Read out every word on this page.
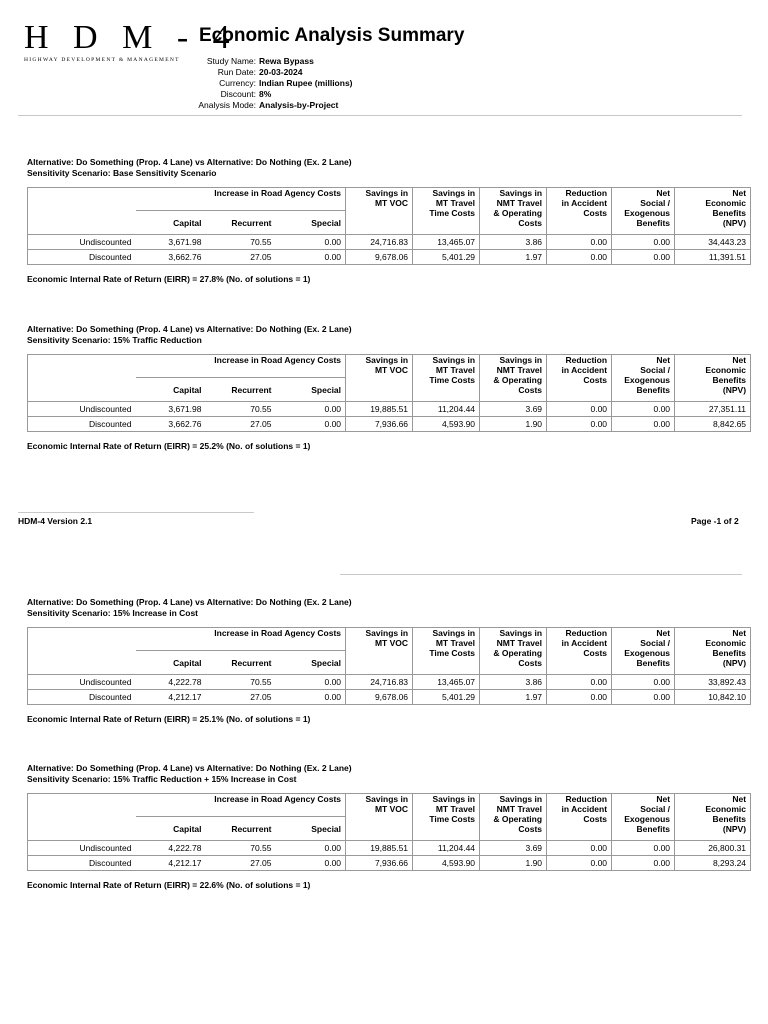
H D M - 4
HIGHWAY DEVELOPMENT & MANAGEMENT
Economic Analysis Summary
Study Name: Rewa Bypass
Run Date: 20-03-2024
Currency: Indian Rupee (millions)
Discount: 8%
Analysis Mode: Analysis-by-Project
Alternative: Do Something (Prop. 4 Lane) vs Alternative: Do Nothing (Ex. 2 Lane)
Sensitivity Scenario: Base Sensitivity Scenario
	Increase in Road Agency Costs			Savings in
MT VOC	Savings in
MT Travel
Time Costs	Savings in
NMT Travel
& Operating
Costs	Reduction
in Accident
Costs	Net
Social /
Exogenous
Benefits	Net
Economic
Benefits
(NPV)
	Capital	Recurrent	Special						
Undiscounted	3,671.98	70.55	0.00	24,716.83	13,465.07	3.86	0.00	0.00	34,443.23
Discounted	3,662.76	27.05	0.00	9,678.06	5,401.29	1.97	0.00	0.00	11,391.51
Economic Internal Rate of Return (EIRR) = 27.8% (No. of solutions = 1)
Alternative: Do Something (Prop. 4 Lane) vs Alternative: Do Nothing (Ex. 2 Lane)
Sensitivity Scenario: 15% Traffic Reduction
	Increase in Road Agency Costs			Savings in
MT VOC	Savings in
MT Travel
Time Costs	Savings in
NMT Travel
& Operating
Costs	Reduction
in Accident
Costs	Net
Social /
Exogenous
Benefits	Net
Economic
Benefits
(NPV)
	Capital	Recurrent	Special						
Undiscounted	3,671.98	70.55	0.00	19,885.51	11,204.44	3.69	0.00	0.00	27,351.11
Discounted	3,662.76	27.05	0.00	7,936.66	4,593.90	1.90	0.00	0.00	8,842.65
Economic Internal Rate of Return (EIRR) = 25.2% (No. of solutions = 1)
HDM-4 Version 2.1	Page -1 of 2
Alternative: Do Something (Prop. 4 Lane) vs Alternative: Do Nothing (Ex. 2 Lane)
Sensitivity Scenario: 15% Increase in Cost
	Increase in Road Agency Costs			Savings in
MT VOC	Savings in
MT Travel
Time Costs	Savings in
NMT Travel
& Operating
Costs	Reduction
in Accident
Costs	Net
Social /
Exogenous
Benefits	Net
Economic
Benefits
(NPV)
	Capital	Recurrent	Special						
Undiscounted	4,222.78	70.55	0.00	24,716.83	13,465.07	3.86	0.00	0.00	33,892.43
Discounted	4,212.17	27.05	0.00	9,678.06	5,401.29	1.97	0.00	0.00	10,842.10
Economic Internal Rate of Return (EIRR) = 25.1% (No. of solutions = 1)
Alternative: Do Something (Prop. 4 Lane) vs Alternative: Do Nothing (Ex. 2 Lane)
Sensitivity Scenario: 15% Traffic Reduction + 15% Increase in Cost
	Increase in Road Agency Costs			Savings in
MT VOC	Savings in
MT Travel
Time Costs	Savings in
NMT Travel
& Operating
Costs	Reduction
in Accident
Costs	Net
Social /
Exogenous
Benefits	Net
Economic
Benefits
(NPV)
	Capital	Recurrent	Special						
Undiscounted	4,222.78	70.55	0.00	19,885.51	11,204.44	3.69	0.00	0.00	26,800.31
Discounted	4,212.17	27.05	0.00	7,936.66	4,593.90	1.90	0.00	0.00	8,293.24
Economic Internal Rate of Return (EIRR) = 22.6% (No. of solutions = 1)
